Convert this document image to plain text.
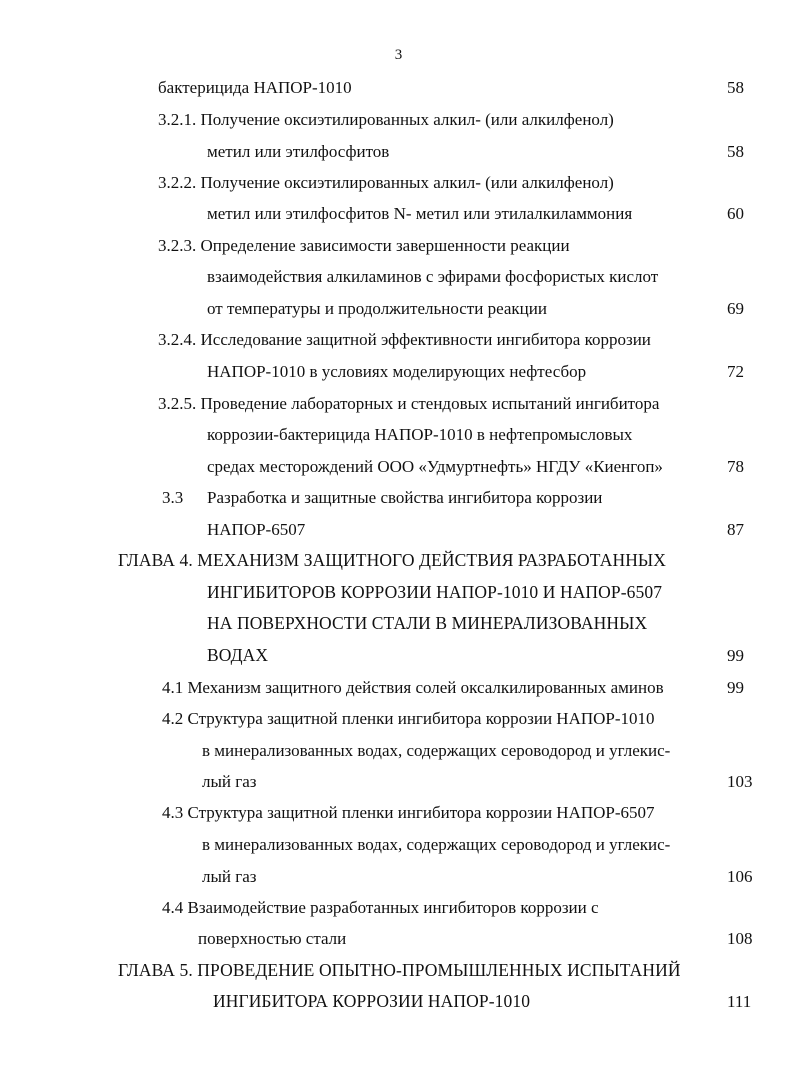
3
бактерицида НАПОР-1010	58
3.2.1. Получение оксиэтилированных алкил- (или алкилфенол)
метил или этилфосфитов	58
3.2.2. Получение оксиэтилированных алкил- (или алкилфенол)
метил или этилфосфитов N- метил или этилалкиламмония	60
3.2.3. Определение зависимости завершенности реакции
взаимодействия алкиламинов с эфирами фосфористых кислот
от температуры и продолжительности реакции	69
3.2.4. Исследование защитной эффективности ингибитора коррозии
НАПОР-1010 в условиях моделирующих нефтесбор	72
3.2.5. Проведение лабораторных и стендовых испытаний ингибитора
коррозии-бактерицида НАПОР-1010 в нефтепромысловых
средах месторождений ООО «Удмуртнефть» НГДУ «Киенгоп»	78
3.3 Разработка и защитные свойства ингибитора коррозии
НАПОР-6507	87
ГЛАВА 4. МЕХАНИЗМ ЗАЩИТНОГО ДЕЙСТВИЯ РАЗРАБОТАННЫХ
ИНГИБИТОРОВ КОРРОЗИИ НАПОР-1010 И НАПОР-6507
НА ПОВЕРХНОСТИ СТАЛИ В МИНЕРАЛИЗОВАННЫХ
ВОДАХ	99
4.1 Механизм защитного действия солей оксалкилированных аминов	99
4.2 Структура защитной пленки ингибитора коррозии НАПОР-1010
в минерализованных водах, содержащих сероводород и углекис-
лый газ	103
4.3 Структура защитной пленки ингибитора коррозии НАПОР-6507
в минерализованных водах, содержащих сероводород и углекис-
лый газ	106
4.4 Взаимодействие разработанных ингибиторов коррозии с
поверхностью стали	108
ГЛАВА 5. ПРОВЕДЕНИЕ ОПЫТНО-ПРОМЫШЛЕННЫХ ИСПЫТАНИЙ
ИНГИБИТОРА КОРРОЗИИ НАПОР-1010	111
